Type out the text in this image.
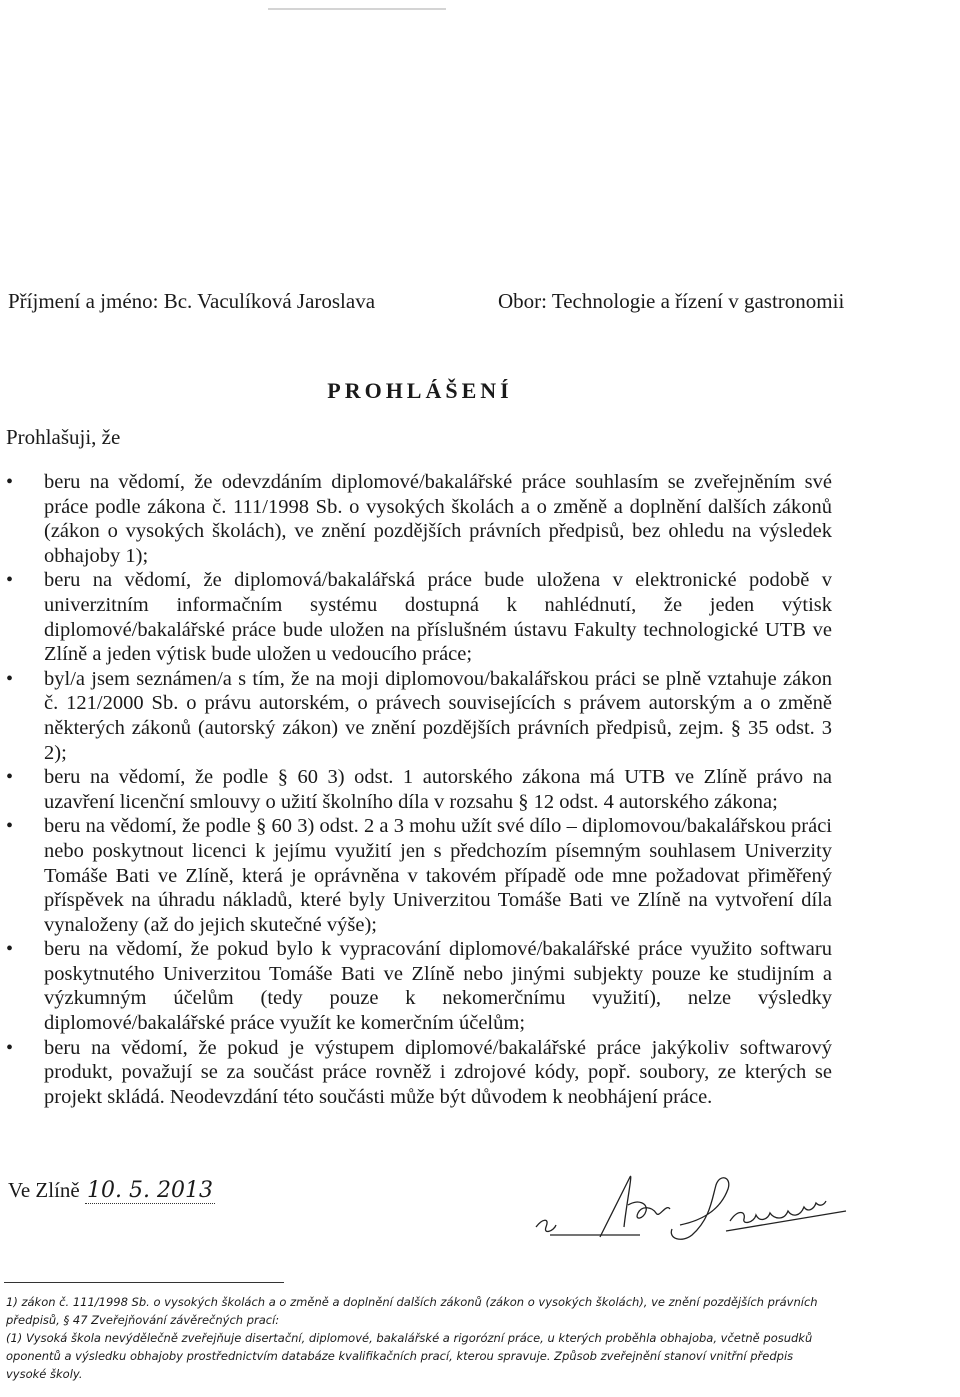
Příjmení a jméno: Bc. Vaculíková Jaroslava	Obor: Technologie a řízení v gastronomii
PROHLÁŠENÍ
Prohlašuji, že
• beru na vědomí, že odevzdáním diplomové/bakalářské práce souhlasím se zveřejněním své práce podle zákona č. 111/1998 Sb. o vysokých školách a o změně a doplnění dalších zákonů (zákon o vysokých školách), ve znění pozdějších právních předpisů, bez ohledu na výsledek obhajoby 1);
• beru na vědomí, že diplomová/bakalářská práce bude uložena v elektronické podobě v univerzitním informačním systému dostupná k nahlédnutí, že jeden výtisk diplomové/bakalářské práce bude uložen na příslušném ústavu Fakulty technologické UTB ve Zlíně a jeden výtisk bude uložen u vedoucího práce;
• byl/a jsem seznámen/a s tím, že na moji diplomovou/bakalářskou práci se plně vztahuje zákon č. 121/2000 Sb. o právu autorském, o právech souvisejících s právem autorským a o změně některých zákonů (autorský zákon) ve znění pozdějších právních předpisů, zejm. § 35 odst. 3 2);
• beru na vědomí, že podle § 60 3) odst. 1 autorského zákona má UTB ve Zlíně právo na uzavření licenční smlouvy o užití školního díla v rozsahu § 12 odst. 4 autorského zákona;
• beru na vědomí, že podle § 60 3) odst. 2 a 3 mohu užít své dílo – diplomovou/bakalářskou práci nebo poskytnout licenci k jejímu využití jen s předchozím písemným souhlasem Univerzity Tomáše Bati ve Zlíně, která je oprávněna v takovém případě ode mne požadovat přiměřený příspěvek na úhradu nákladů, které byly Univerzitou Tomáše Bati ve Zlíně na vytvoření díla vynaloženy (až do jejich skutečné výše);
• beru na vědomí, že pokud bylo k vypracování diplomové/bakalářské práce využito softwaru poskytnutého Univerzitou Tomáše Bati ve Zlíně nebo jinými subjekty pouze ke studijním a výzkumným účelům (tedy pouze k nekomerčnímu využití), nelze výsledky diplomové/bakalářské práce využít ke komerčním účelům;
• beru na vědomí, že pokud je výstupem diplomové/bakalářské práce jakýkoliv softwarový produkt, považují se za součást práce rovněž i zdrojové kódy, popř. soubory, ze kterých se projekt skládá. Neodevzdání této součásti může být důvodem k neobhájení práce.
Ve Zlíně 10. 5. 2013

1) zákon č. 111/1998 Sb. o vysokých školách a o změně a doplnění dalších zákonů (zákon o vysokých školách), ve znění pozdějších právních předpisů, § 47 Zveřejňování závěrečných prací:

(1) Vysoká škola nevýdělečně zveřejňuje disertační, diplomové, bakalářské a rigorózní práce, u kterých proběhla obhajoba, včetně posudků oponentů a výsledku obhajoby prostřednictvím databáze kvalifikačních prací, kterou spravuje. Způsob zveřejnění stanoví vnitřní předpis vysoké školy.
